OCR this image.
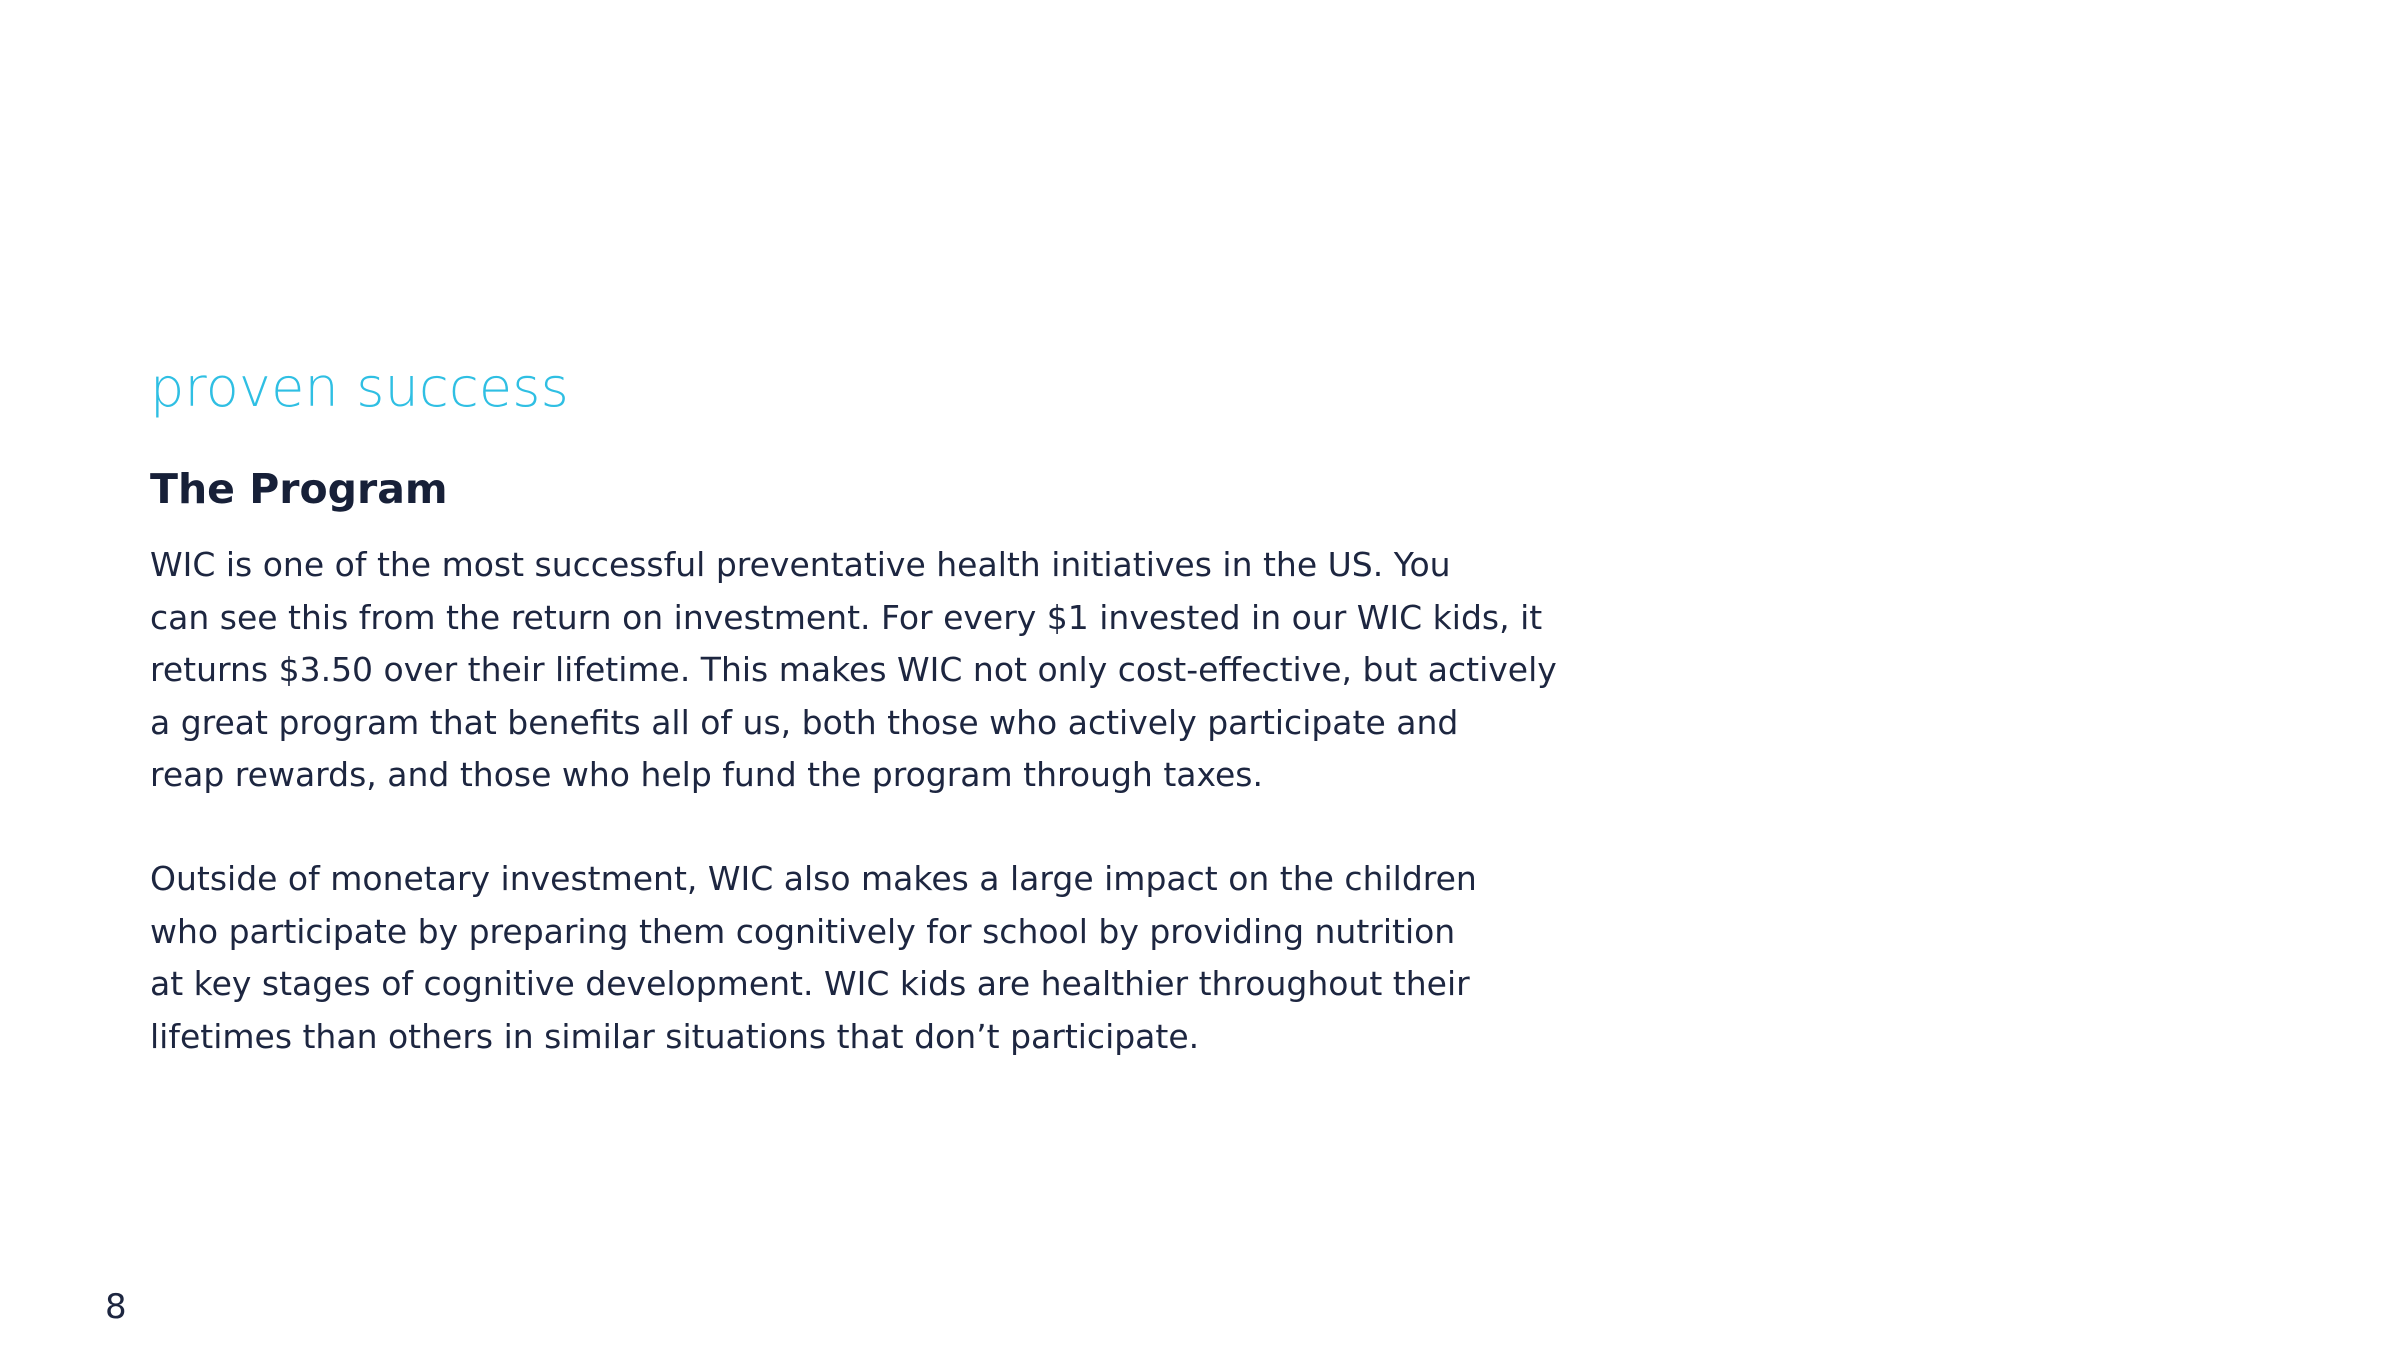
proven success
The Program

WIC is one of the most successful preventative health initiatives in the US. You
can see this from the return on investment. For every $1 invested in our WIC kids, it
returns $3.50 over their lifetime. This makes WIC not only cost-effective, but actively
a great program that benefits all of us, both those who actively participate and
reap rewards, and those who help fund the program through taxes.

Outside of monetary investment, WIC also makes a large impact on the children
who participate by preparing them cognitively for school by providing nutrition
at key stages of cognitive development. WIC kids are healthier throughout their
lifetimes than others in similar situations that don’t participate.

8
